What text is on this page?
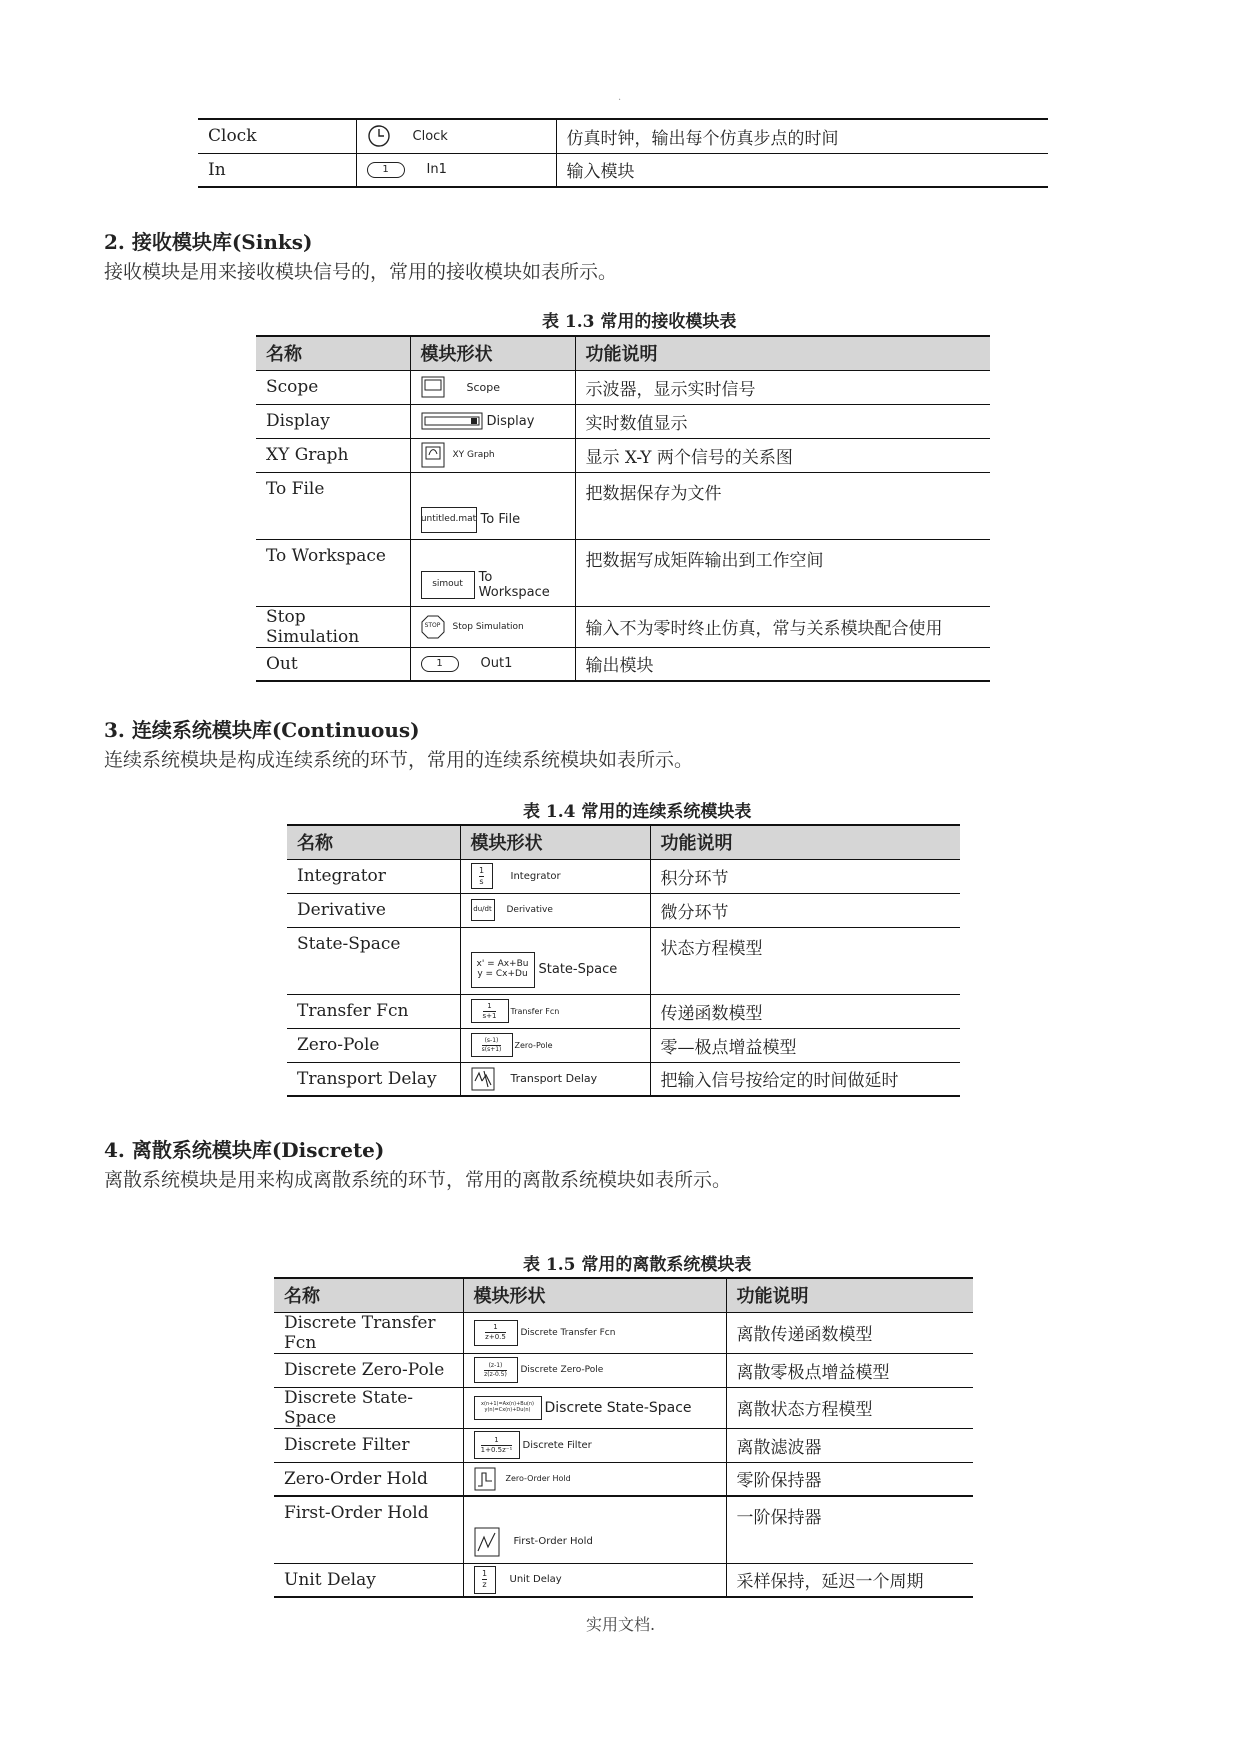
.
Clock	Clock	仿真时钟，输出每个仿真步点的时间
In	1 In1	输入模块
2. 接收模块库(Sinks)
接收模块是用来接收模块信号的，常用的接收模块如表所示。
表 1.3 常用的接收模块表
名称	模块形状	功能说明
Scope	Scope	示波器，显示实时信号
Display	Display	实时数值显示
XY Graph	XY Graph	显示 X-Y 两个信号的关系图
To File	untitled.mat To File	把数据保存为文件
To Workspace	simout To Workspace	把数据写成矩阵输出到工作空间
Stop Simulation	STOP Stop Simulation	输入不为零时终止仿真，常与关系模块配合使用
Out	1 Out1	输出模块
3. 连续系统模块库(Continuous)
连续系统模块是构成连续系统的环节，常用的连续系统模块如表所示。
表 1.4 常用的连续系统模块表
名称	模块形状	功能说明
Integrator	$\frac{1}{s}$ Integrator	积分环节
Derivative	du/dt Derivative	微分环节
State-Space	x' = Ax+Bu
y = Cx+Du State-Space	状态方程模型
Transfer Fcn	$\frac{1}{s+1}$ Transfer Fcn	传递函数模型
Zero-Pole	$\frac{(s-1)}{s(s+1)}$ Zero-Pole	零—极点增益模型
Transport Delay	Transport Delay	把输入信号按给定的时间做延时
4. 离散系统模块库(Discrete)
离散系统模块是用来构成离散系统的环节，常用的离散系统模块如表所示。
表 1.5 常用的离散系统模块表
名称	模块形状	功能说明
Discrete Transfer Fcn	$\frac{1}{z+0.5}$ Discrete Transfer Fcn	离散传递函数模型
Discrete Zero-Pole	$\frac{(z-1)}{z(z-0.5)}$ Discrete Zero-Pole	离散零极点增益模型
Discrete State-Space	x(n+1)=Ax(n)+Bu(n)
y(n)=Cx(n)+Du(n) Discrete State-Space	离散状态方程模型
Discrete Filter	$\frac{1}{\text{1+0.5z⁻¹}}$ Discrete Filter	离散滤波器
Zero-Order Hold	Zero-Order Hold	零阶保持器
First-Order Hold	First-Order Hold	一阶保持器
Unit Delay	$\frac{1}{z}$ Unit Delay	采样保持，延迟一个周期
实用文档.
